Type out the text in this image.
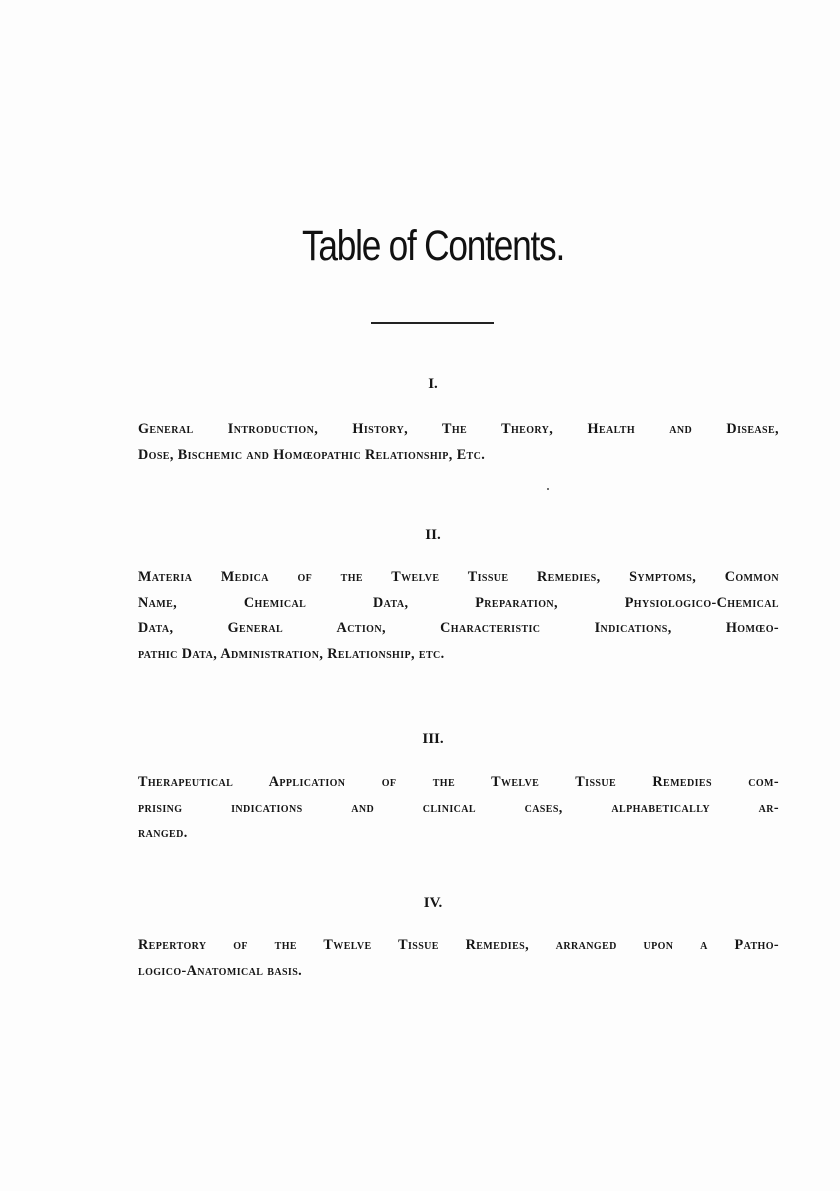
Table of Contents.
I.
General Introduction, History, The Theory, Health and Disease,
Dose, Bischemic and Homœopathic Relationship, Etc.
II.
Materia Medica of the Twelve Tissue Remedies, Symptoms, Common
Name, Chemical Data, Preparation, Physiologico-Chemical
Data, General Action, Characteristic Indications, Homœo-
pathic Data, Administration, Relationship, etc.
III.
Therapeutical Application of the Twelve Tissue Remedies com-
prising indications and clinical cases, alphabetically ar-
ranged.
IV.
Repertory of the Twelve Tissue Remedies, arranged upon a Patho-
logico-Anatomical basis.
